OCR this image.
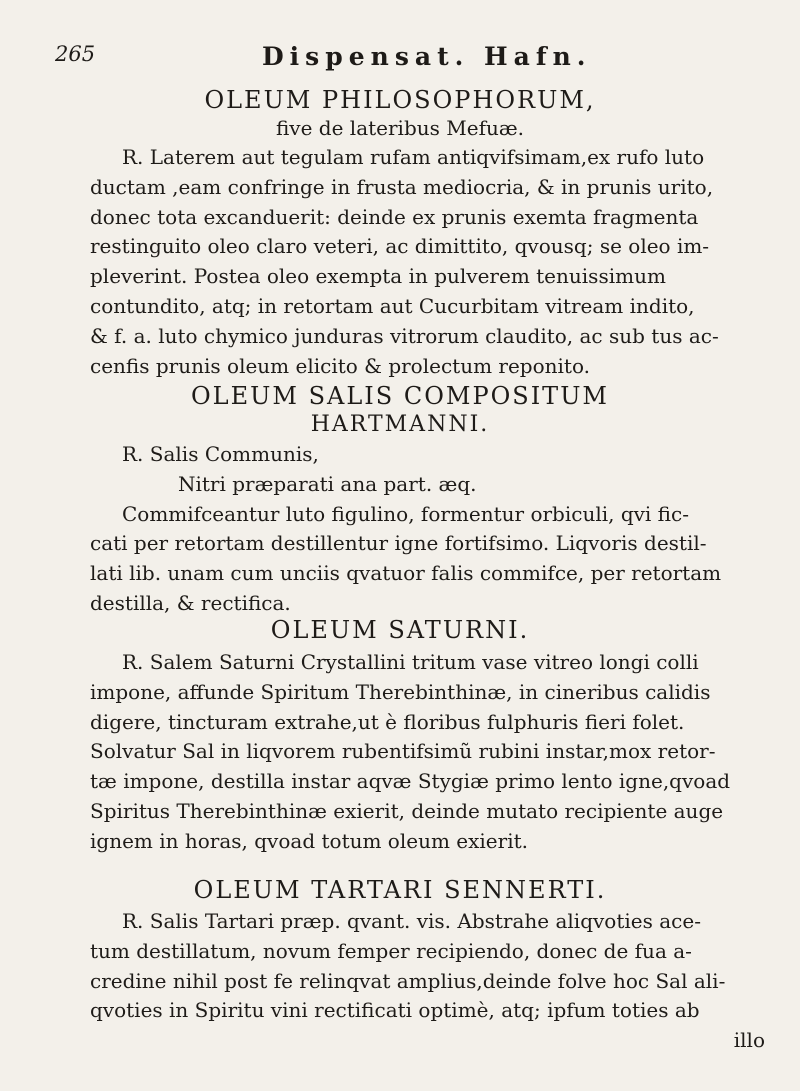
265	Dispensat. Hafn.
OLEUM PHILOSOPHORUM,
five de lateribus Mefuæ.
R. Laterem aut tegulam rufam antiqvifsimam,ex rufo luto
ductam ,eam confringe in frusta mediocria, & in prunis urito,
donec tota excanduerit: deinde ex prunis exemta fragmenta
restinguito oleo claro veteri, ac dimittito, qvousq; se oleo im-
pleverint. Postea oleo exempta in pulverem tenuissimum
contundito, atq; in retortam aut Cucurbitam vitream indito,
& f. a. luto chymico junduras vitrorum claudito, ac sub tus ac-
cenfis prunis oleum elicito & prolectum reponito.
OLEUM SALIS COMPOSITUM
HARTMANNI.
R. Salis Communis,
Nitri præparati ana part. æq.
Commifceantur luto figulino, formentur orbiculi, qvi fic-
cati per retortam destillentur igne fortifsimo. Liqvoris destil-
lati lib. unam cum unciis qvatuor falis commifce, per retortam
destilla, & rectifica.
OLEUM SATURNI.
R. Salem Saturni Crystallini tritum vase vitreo longi colli
impone, affunde Spiritum Therebinthinæ, in cineribus calidis
digere, tincturam extrahe,ut è floribus fulphuris fieri folet.
Solvatur Sal in liqvorem rubentifsimũ rubini instar,mox retor-
tæ impone, destilla instar aqvæ Stygiæ primo lento igne,qvoad
Spiritus Therebinthinæ exierit, deinde mutato recipiente auge
ignem in horas, qvoad totum oleum exierit.
OLEUM TARTARI SENNERTI.
R. Salis Tartari præp. qvant. vis. Abstrahe aliqvoties ace-
tum destillatum, novum femper recipiendo, donec de fua a-
credine nihil post fe relinqvat amplius,deinde folve hoc Sal ali-
qvoties in Spiritu vini rectificati optimè, atq; ipfum toties ab
illo
